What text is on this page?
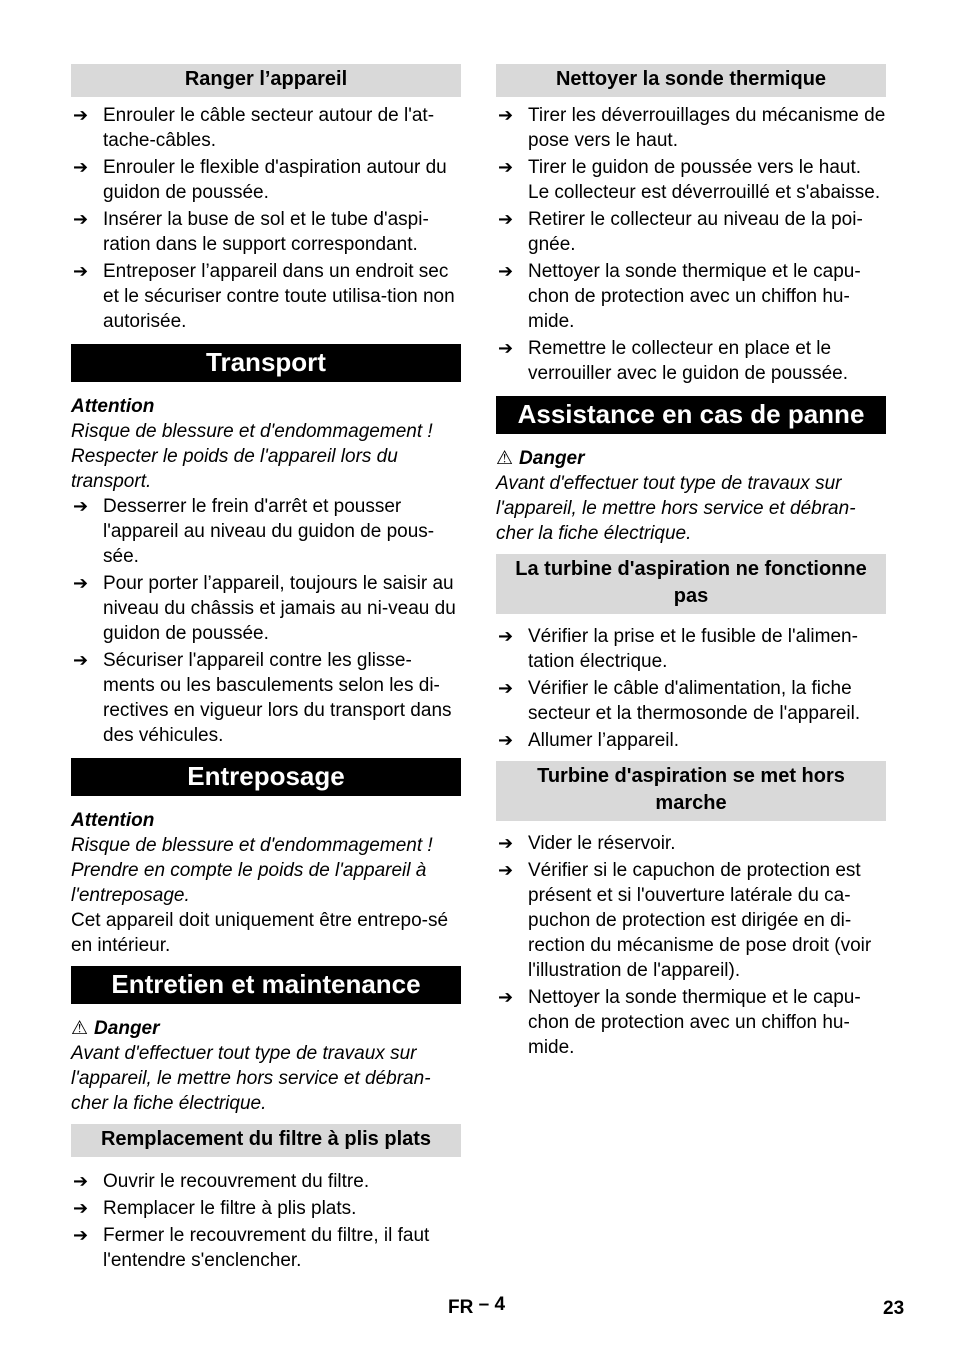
Ranger l’appareil
➔ Enrouler le câble secteur autour de l'at-tache-câbles.
➔ Enrouler le flexible d'aspiration autour du guidon de poussée.
➔ Insérer la buse de sol et le tube d'aspi-ration dans le support correspondant.
➔ Entreposer l’appareil dans un endroit sec et le sécuriser contre toute utilisa-tion non autorisée.
Transport
Attention
Risque de blessure et d'endommagement ! Respecter le poids de l'appareil lors du transport.
➔ Desserrer le frein d'arrêt et pousser l'appareil au niveau du guidon de pous-sée.
➔ Pour porter l’appareil, toujours le saisir au niveau du châssis et jamais au ni-veau du guidon de poussée.
➔ Sécuriser l'appareil contre les glisse-ments ou les basculements selon les di-rectives en vigueur lors du transport dans des véhicules.
Entreposage
Attention
Risque de blessure et d'endommagement ! Prendre en compte le poids de l'appareil à l'entreposage.
Cet appareil doit uniquement être entrepo-sé en intérieur.
Entretien et maintenance
⚠ Danger
Avant d'effectuer tout type de travaux sur l'appareil, le mettre hors service et débran-cher la fiche électrique.
Remplacement du filtre à plis plats
➔ Ouvrir le recouvrement du filtre.
➔ Remplacer le filtre à plis plats.
➔ Fermer le recouvrement du filtre, il faut l'entendre s'enclencher.
Nettoyer la sonde thermique
➔ Tirer les déverrouillages du mécanisme de pose vers le haut.
➔ Tirer le guidon de poussée vers le haut. Le collecteur est déverrouillé et s'abaisse.
➔ Retirer le collecteur au niveau de la poi-gnée.
➔ Nettoyer la sonde thermique et le capu-chon de protection avec un chiffon hu-mide.
➔ Remettre le collecteur en place et le verrouiller avec le guidon de poussée.
Assistance en cas de panne
⚠ Danger
Avant d'effectuer tout type de travaux sur l'appareil, le mettre hors service et débran-cher la fiche électrique.
La turbine d'aspiration ne fonctionne pas
➔ Vérifier la prise et le fusible de l'alimen-tation électrique.
➔ Vérifier le câble d'alimentation, la fiche secteur et la thermosonde de l'appareil.
➔ Allumer l’appareil.
Turbine d'aspiration se met hors marche
➔ Vider le réservoir.
➔ Vérifier si le capuchon de protection est présent et si l'ouverture latérale du ca-puchon de protection est dirigée en di-rection du mécanisme de pose droit (voir l'illustration de l'appareil).
➔ Nettoyer la sonde thermique et le capu-chon de protection avec un chiffon hu-mide.
FR – 4	23
